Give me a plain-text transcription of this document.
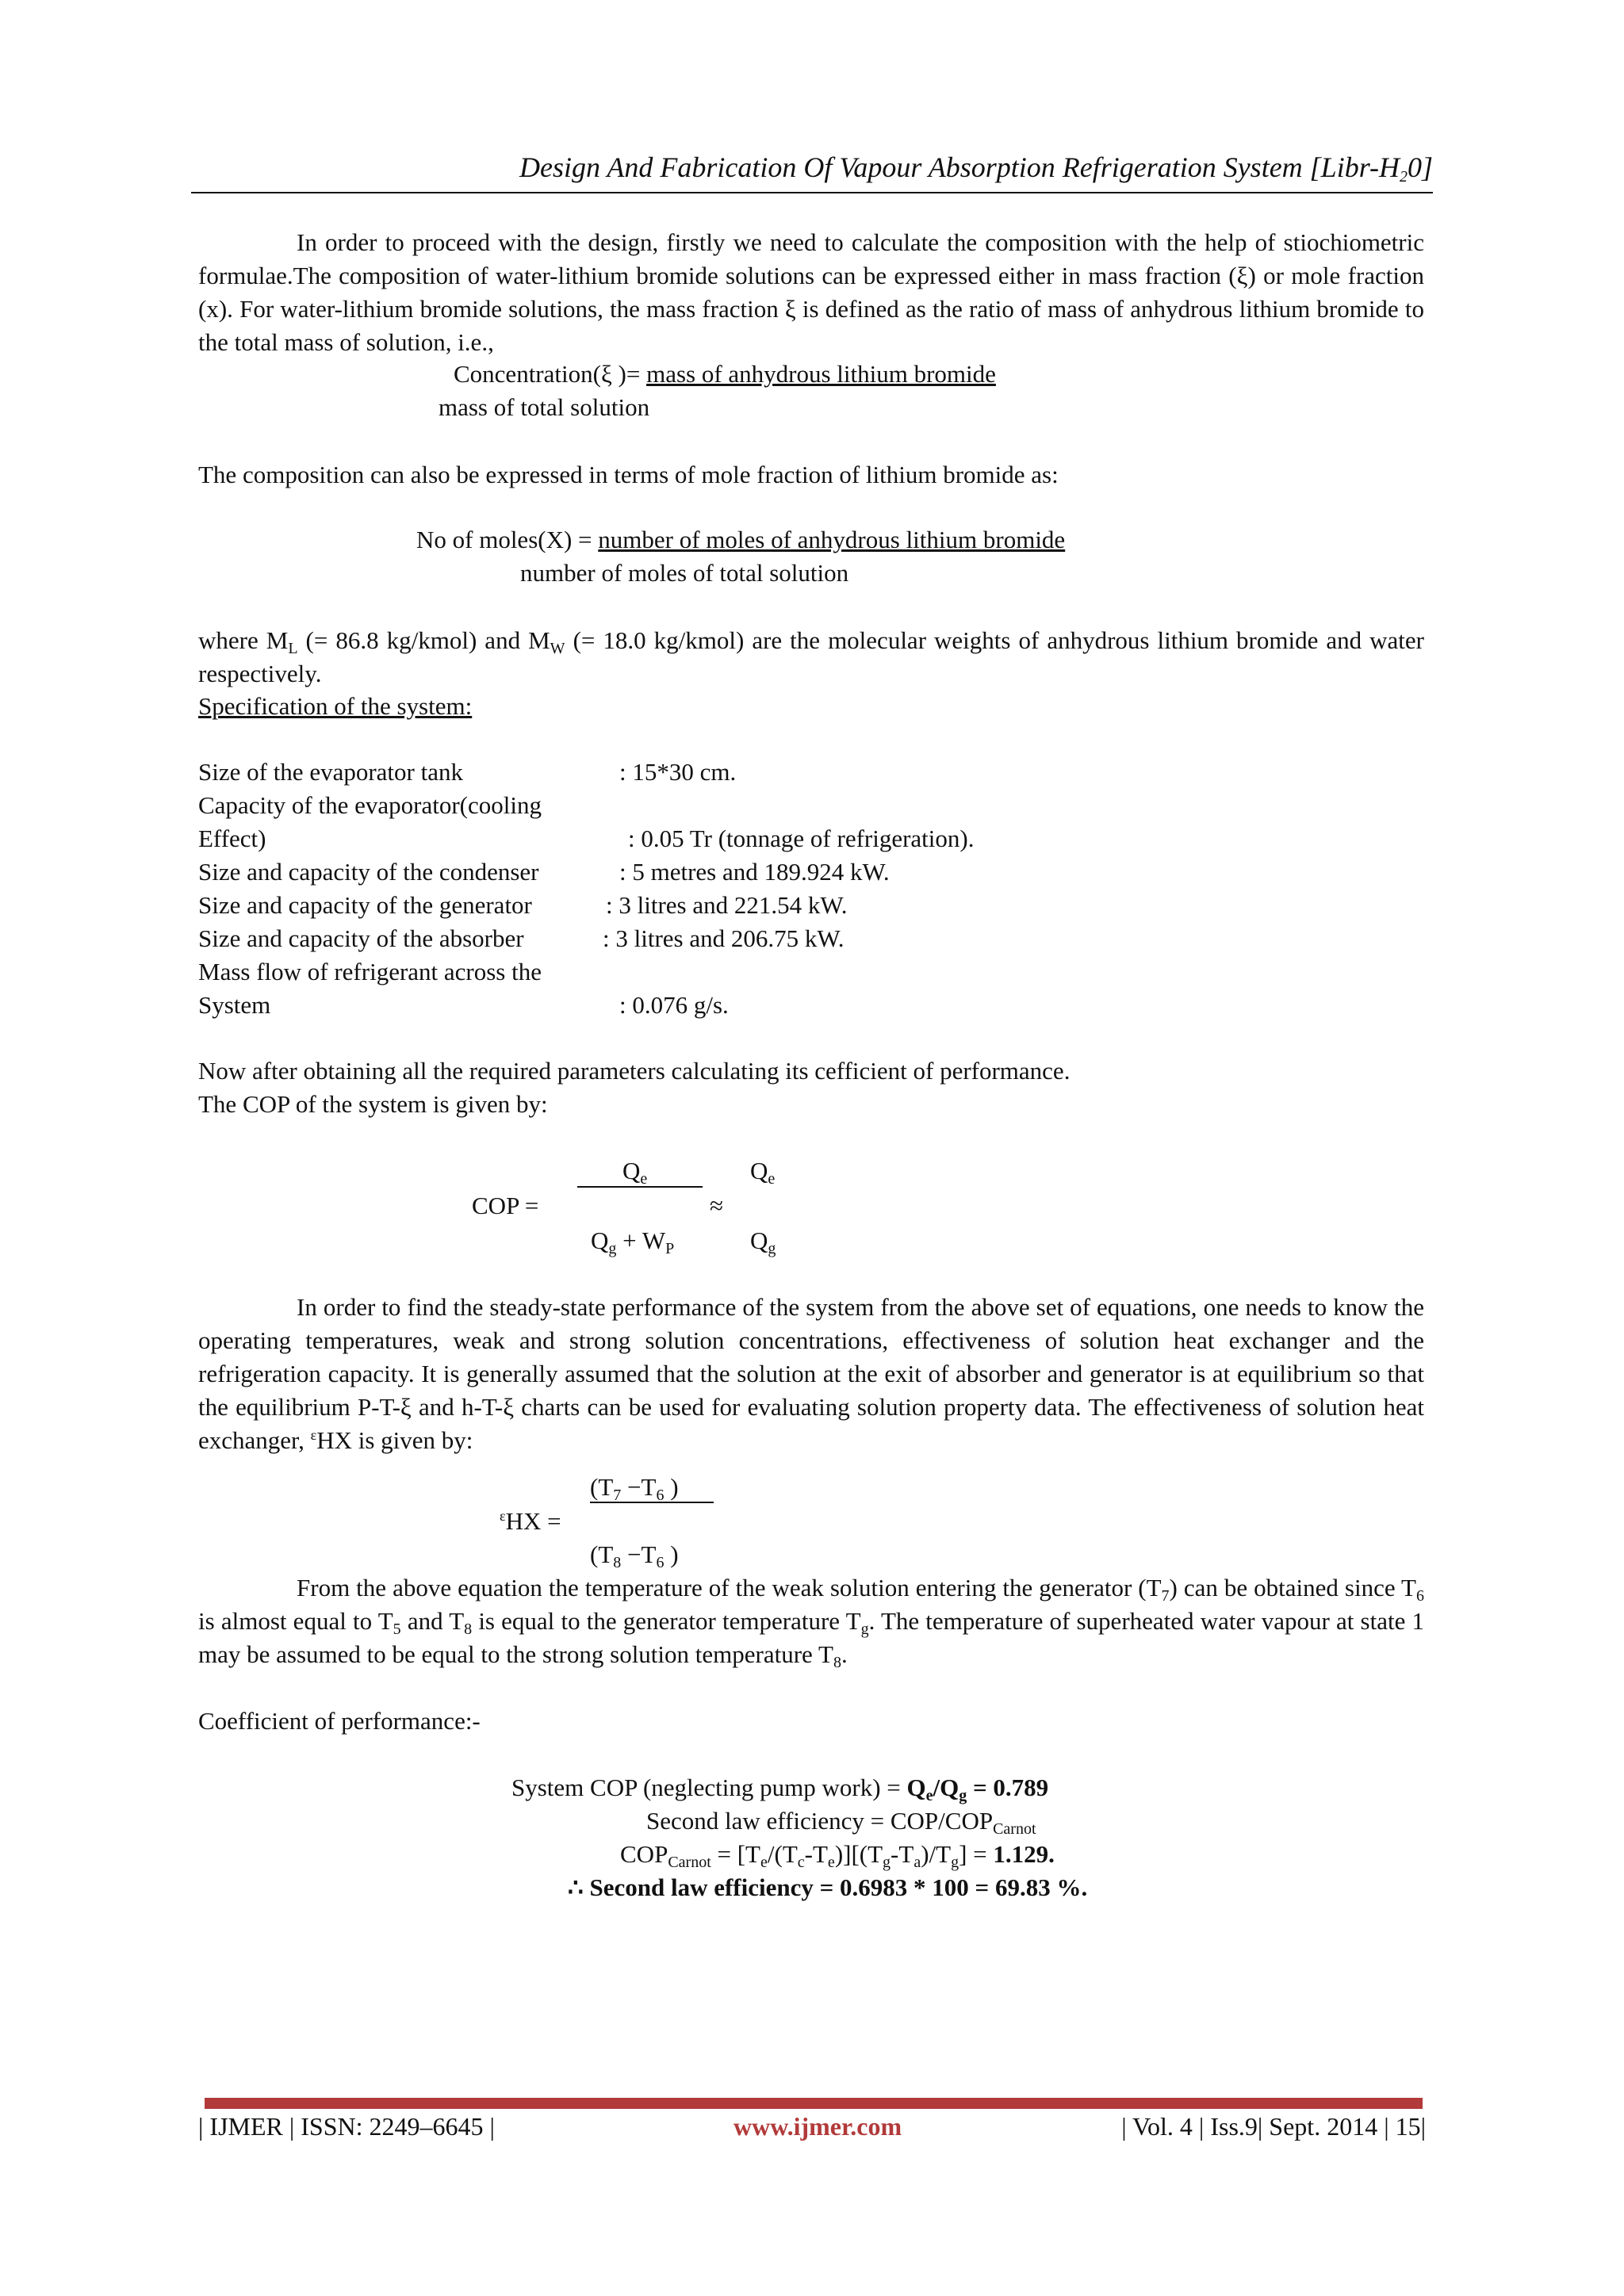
Design And Fabrication Of Vapour Absorption Refrigeration System $[Libr-H_20]$
In order to proceed with the design, firstly we need to calculate the composition with the help of stiochiometric formulae.The composition of water-lithium bromide solutions can be expressed either in mass fraction (ξ) or mole fraction (x). For water-lithium bromide solutions, the mass fraction ξ is defined as the ratio of mass of anhydrous lithium bromide to the total mass of solution, i.e.,
Concentration(ξ )= mass of anhydrous lithium bromide
mass of total solution
The composition can also be expressed in terms of mole fraction of lithium bromide as:
No of moles(X) = number of moles of anhydrous lithium bromide
number of moles of total solution
where $M_L$ (= 86.8 kg/kmol) and $M_W$ (= 18.0 kg/kmol) are the molecular weights of anhydrous lithium bromide and water respectively.
Specification of the system:
Size of the evaporator tank	: 15*30 cm.
Capacity of the evaporator(cooling
Effect)	: 0.05 Tr (tonnage of refrigeration).
Size and capacity of the condenser	: 5 metres and 189.924 kW.
Size and capacity of the generator	: 3 litres and 221.54 kW.
Size and capacity of the absorber	: 3 litres and 206.75 kW.
Mass flow of refrigerant across the
System	: 0.076 g/s.
Now after obtaining all the required parameters calculating its cefficient of performance.
The COP of the system is given by:
COP =
$Q_e$
$Q_g + W_P$
≈
$Q_e$
$Q_g$
In order to find the steady-state performance of the system from the above set of equations, one needs to know the operating temperatures, weak and strong solution concentrations, effectiveness of solution heat exchanger and the refrigeration capacity. It is generally assumed that the solution at the exit of absorber and generator is at equilibrium so that the equilibrium P-T-ξ and h-T-ξ charts can be used for evaluating solution property data. The effectiveness of solution heat exchanger, $^\varepsilon$HX is given by:
$^\varepsilon$HX =
($T_7 -T_6$ )
($T_8 -T_6$ )
From the above equation the temperature of the weak solution entering the generator $(T_7)$ can be obtained since $T_6$ is almost equal to $T_5$ and $T_8$ is equal to the generator temperature $T_g$. The temperature of superheated water vapour at state 1 may be assumed to be equal to the strong solution temperature $T_8$.
Coefficient of performance:-
System COP (neglecting pump work) = $Q_e/Q_g = 0.789$
Second law efficiency = COP/$COP_{Carnot}$
$COP_{Carnot} = [T_e/(T_c-T_e)][(T_g-T_a)/T_g] = 1.129$.
∴ Second law efficiency = 0.6983 * 100 = 69.83 %.
| IJMER | ISSN: 2249–6645 |	www.ijmer.com	| Vol. 4 | Iss.9| Sept. 2014 | 15|
